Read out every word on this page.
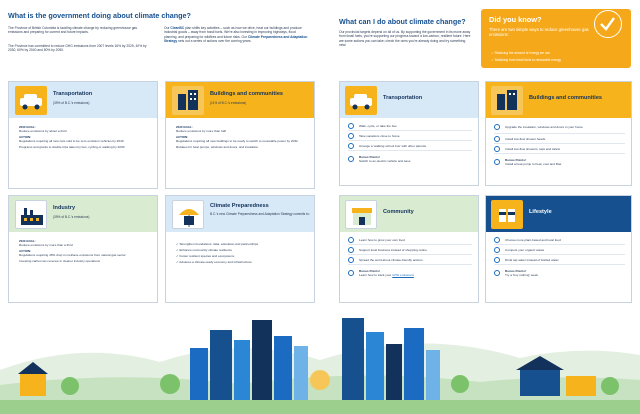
What is the government doing about climate change?
The Province of British Columbia is tackling climate change by reducing greenhouse gas emissions and preparing for current and future impacts.
The Province has committed to reduce GHG emissions from 2007 levels 16% by 2025, 40% by 2030, 60% by 2040 and 80% by 2050.
Our CleanBC plan shifts key activities – such as how we drive, heat our buildings and produce industrial goods – away from fossil fuels. We're also investing in improving highways, flood planning, and preparing for wildfires and future risks. Our Climate Preparedness and Adaptation Strategy sets out a series of actions over the coming years.
Transportation
(39% of B.C.'s emissions)
2030 GOAL:
Reduce emissions by about a third
ACTION:
Regulations requiring all new cars sold to be zero emission vehicles by 2040
Programs and grants to double trips taken by bus, cycling or walking by 2030
Buildings and communities
(11% of B.C.'s emissions)
2030 GOAL:
Reduce emissions by more than half
ACTION:
Regulations requiring all new buildings to be ready to switch to renewable power by 2032
Rebates for heat pumps, windows and doors, and insulation
Industry
(39% of B.C.'s emissions)
2030 GOAL:
Reduce emissions by more than a third
ACTION:
Regulations requiring 45% drop in methane emissions from natural gas sector
Investing carbon tax revenue in cleaner industry operations
Climate Preparedness
B.C.'s new Climate Preparedness and Adaptation Strategy commits to:
✓ Strengthen foundations: data, education and partnerships
✓ Enhance community climate resilience
✓ Foster resilient species and ecosystems
✓ Advance a climate-ready economy and infrastructure
What can I do about climate change?
Our provincial targets depend on all of us. By supporting the government in its move away from fossil fuels, you're supporting our progress toward a low-carbon, resilient future. Here are some actions you can take; check the ones you're already doing and try something new!
Did you know?
There are two simple ways to reduce greenhouse gas emissions:
✓ Reducing the amount of energy we use
✓ Switching from fossil fuels to renewable energy
Transportation
Walk, cycle, or take the bus
Take vacations close to home
Arrange a 'walking school bus' with other parents
Bonus Points!
Switch to an electric vehicle and save
Buildings and communities
Upgrade the insulation, windows and doors in your home
Install low-flow shower heads
Install low-flow showers, taps and toilets
Bonus Points!
Install a heat pump to heat, cool and filter
Community
Learn how to grow your own food
Support local business instead of shopping online
Spread the word about climate-friendly actions
Bonus Points!
Learn how to track your GHG emissions
Lifestyle
Choose more plant-based and local food
Compost your organic waste
Drink tap water instead of bottled water
Bonus Points!
Try a 'buy nothing' week
